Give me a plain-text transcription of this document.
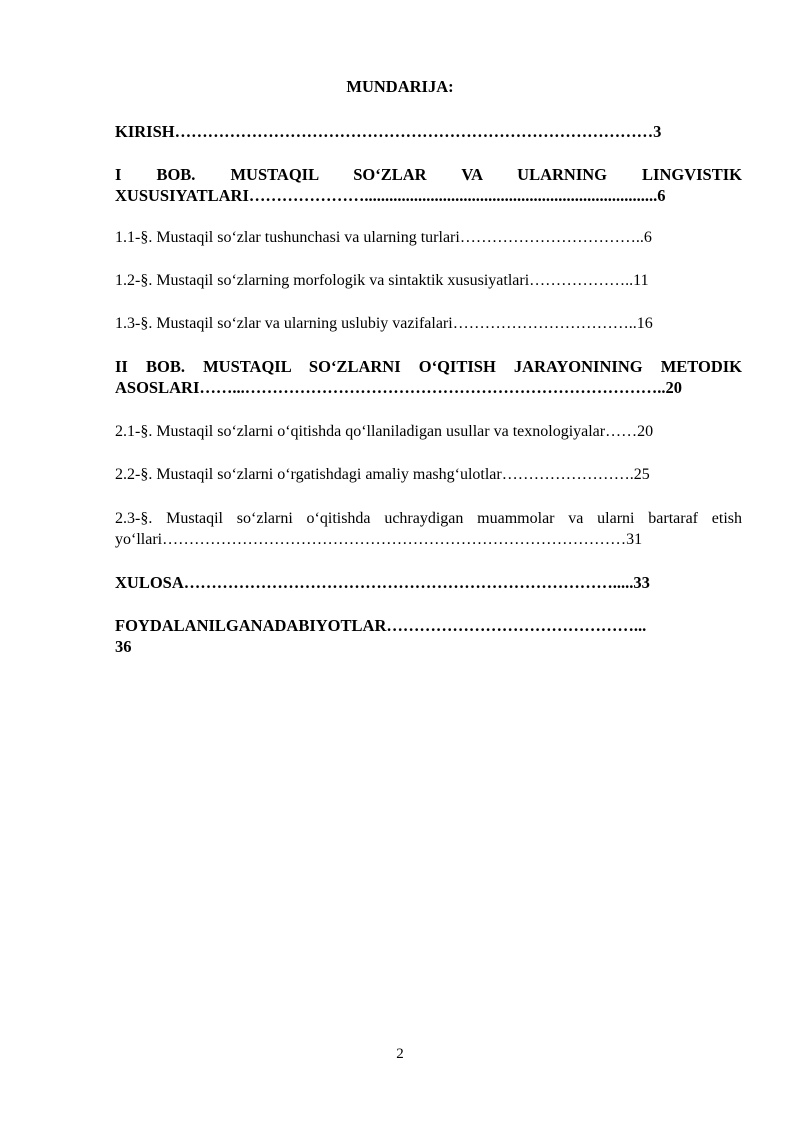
MUNDARIJA:
KIRISH……………………………………………………………………………3
I BOB. MUSTAQIL SO‘ZLAR VA ULARNING LINGVISTIK
XUSUSIYATLARI………………….......................................................................6
1.1-§. Mustaqil so‘zlar tushunchasi va ularning turlari……………………………..6
1.2-§. Mustaqil so‘zlarning morfologik va sintaktik xususiyatlari………………..11
1.3-§. Mustaqil so‘zlar va ularning uslubiy vazifalari……………………………..16
II BOB. MUSTAQIL SO‘ZLARNI O‘QITISH JARAYONINING METODIK
ASOSLARI……...…………………………………………………………………..20
2.1-§. Mustaqil so‘zlarni o‘qitishda qo‘llaniladigan usullar va texnologiyalar……20
2.2-§. Mustaqil so‘zlarni o‘rgatishdagi amaliy mashg‘ulotlar…………………….25
2.3-§. Mustaqil so‘zlarni o‘qitishda uchraydigan muammolar va ularni bartaraf etish
yo‘llari……………………………………………………………………………31
XULOSA…………………………………………………………………….....33
FOYDALANILGANADABIYOTLAR………………………………………...
36
2
